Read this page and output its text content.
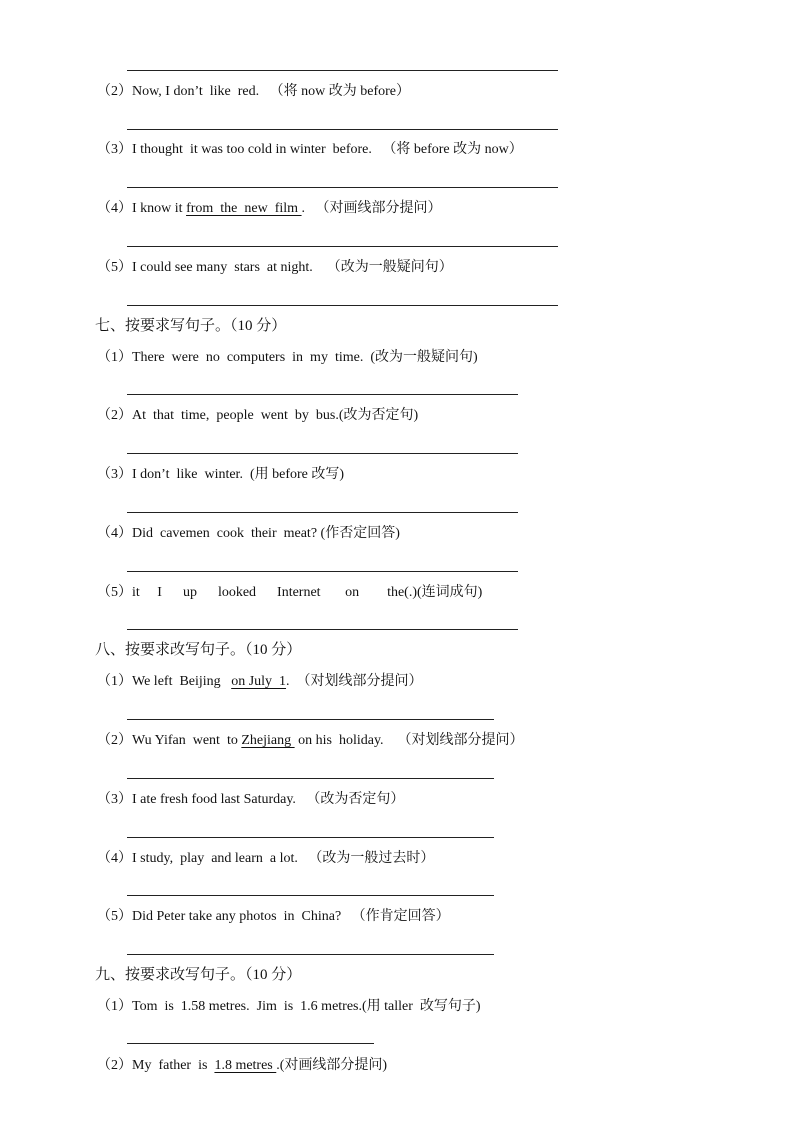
（2）Now, I don’t  like  red.   （将 now 改为 before）
（3）I thought  it was too cold in winter  before.   （将 before 改为 now）
（4）I know it from  the  new  film .   （对画线部分提问）
（5）I could see many  stars  at night.    （改为一般疑问句）
七、按要求写句子。（10 分）
（1）There  were  no  computers  in  my  time.  (改为一般疑问句)
（2）At  that  time,  people  went  by  bus.(改为否定句)
（3）I don’t  like  winter.  (用 before 改写)
（4）Did  cavemen  cook  their  meat? (作否定回答)
（5）it     I      up      looked      Internet       on        the(.)(连词成句)
八、按要求改写句子。（10 分）
（1）We left  Beijing   on July  1.  （对划线部分提问）
（2）Wu Yifan  went  to Zhejiang  on his  holiday.    （对划线部分提问）
（3）I ate fresh food last Saturday.   （改为否定句）
（4）I study,  play  and learn  a lot.   （改为一般过去时）
（5）Did Peter take any photos  in  China?   （作肯定回答）
九、按要求改写句子。（10 分）
（1）Tom  is  1.58 metres.  Jim  is  1.6 metres.(用 taller  改写句子)
（2）My  father  is  1.8 metres .(对画线部分提问)
